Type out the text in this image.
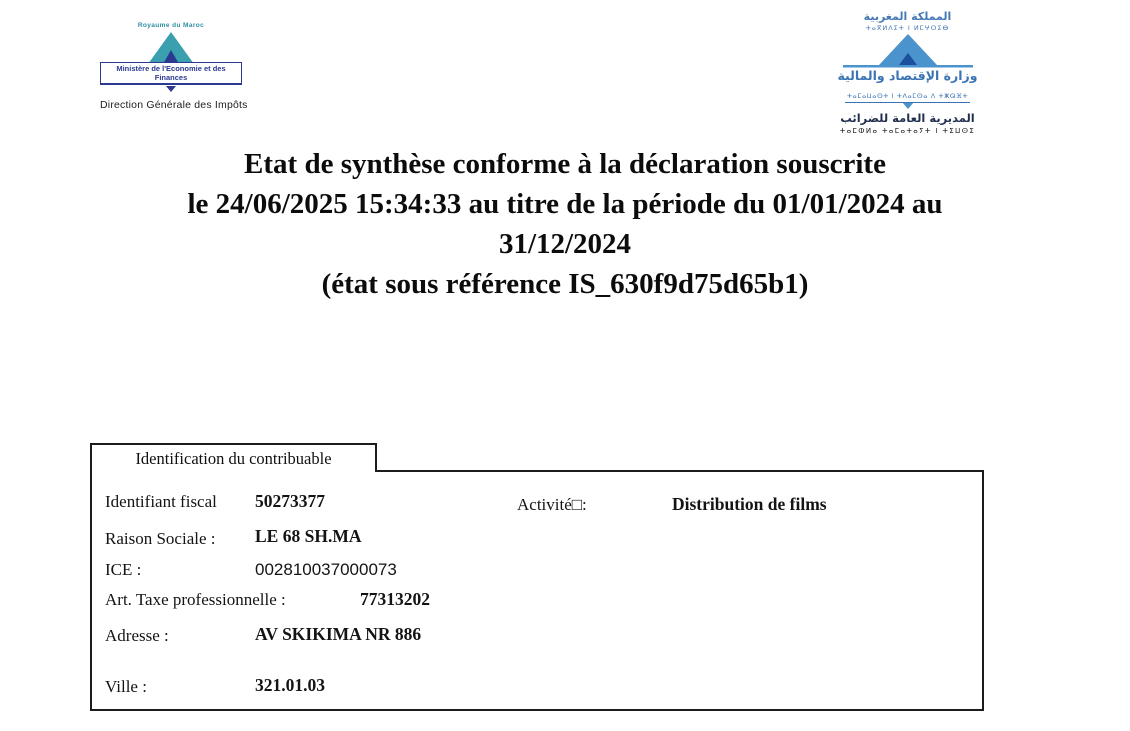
Royaume du Maroc
Ministère de l'Economie et des Finances
Direction Générale des Impôts
المملكة المغربية
ⵜⴰⴳⵍⴷⵉⵜ ⵏ ⵍⵎⵖⵔⵉⴱ
وزارة الإقتصاد والمالية
ⵜⴰⵎⴰⵡⴰⵙⵜ ⵏ ⵜⴷⴰⵎⵙⴰ ⴷ ⵜⵥⵕⴼⵜ
المديرية العامة للضرائب
ⵜⴰⵎⵀⵍⴰ ⵜⴰⵎⴰⵜⴰⵢⵜ ⵏ ⵜⵉⵡⵙⵉ
Etat de synthèse conforme à la déclaration souscrite
le 24/06/2025 15:34:33 au titre de la période du 01/01/2024 au
31/12/2024
(état sous référence IS_630f9d75d65b1)
Identification du contribuable
Identifiant fiscal 50273377	Activité□:	Distribution de films
Raison Sociale : LE 68 SH.MA
ICE :	002810037000073
Art. Taxe professionnelle :	77313202
Adresse :	AV SKIKIMA NR 886
Ville :	321.01.03
